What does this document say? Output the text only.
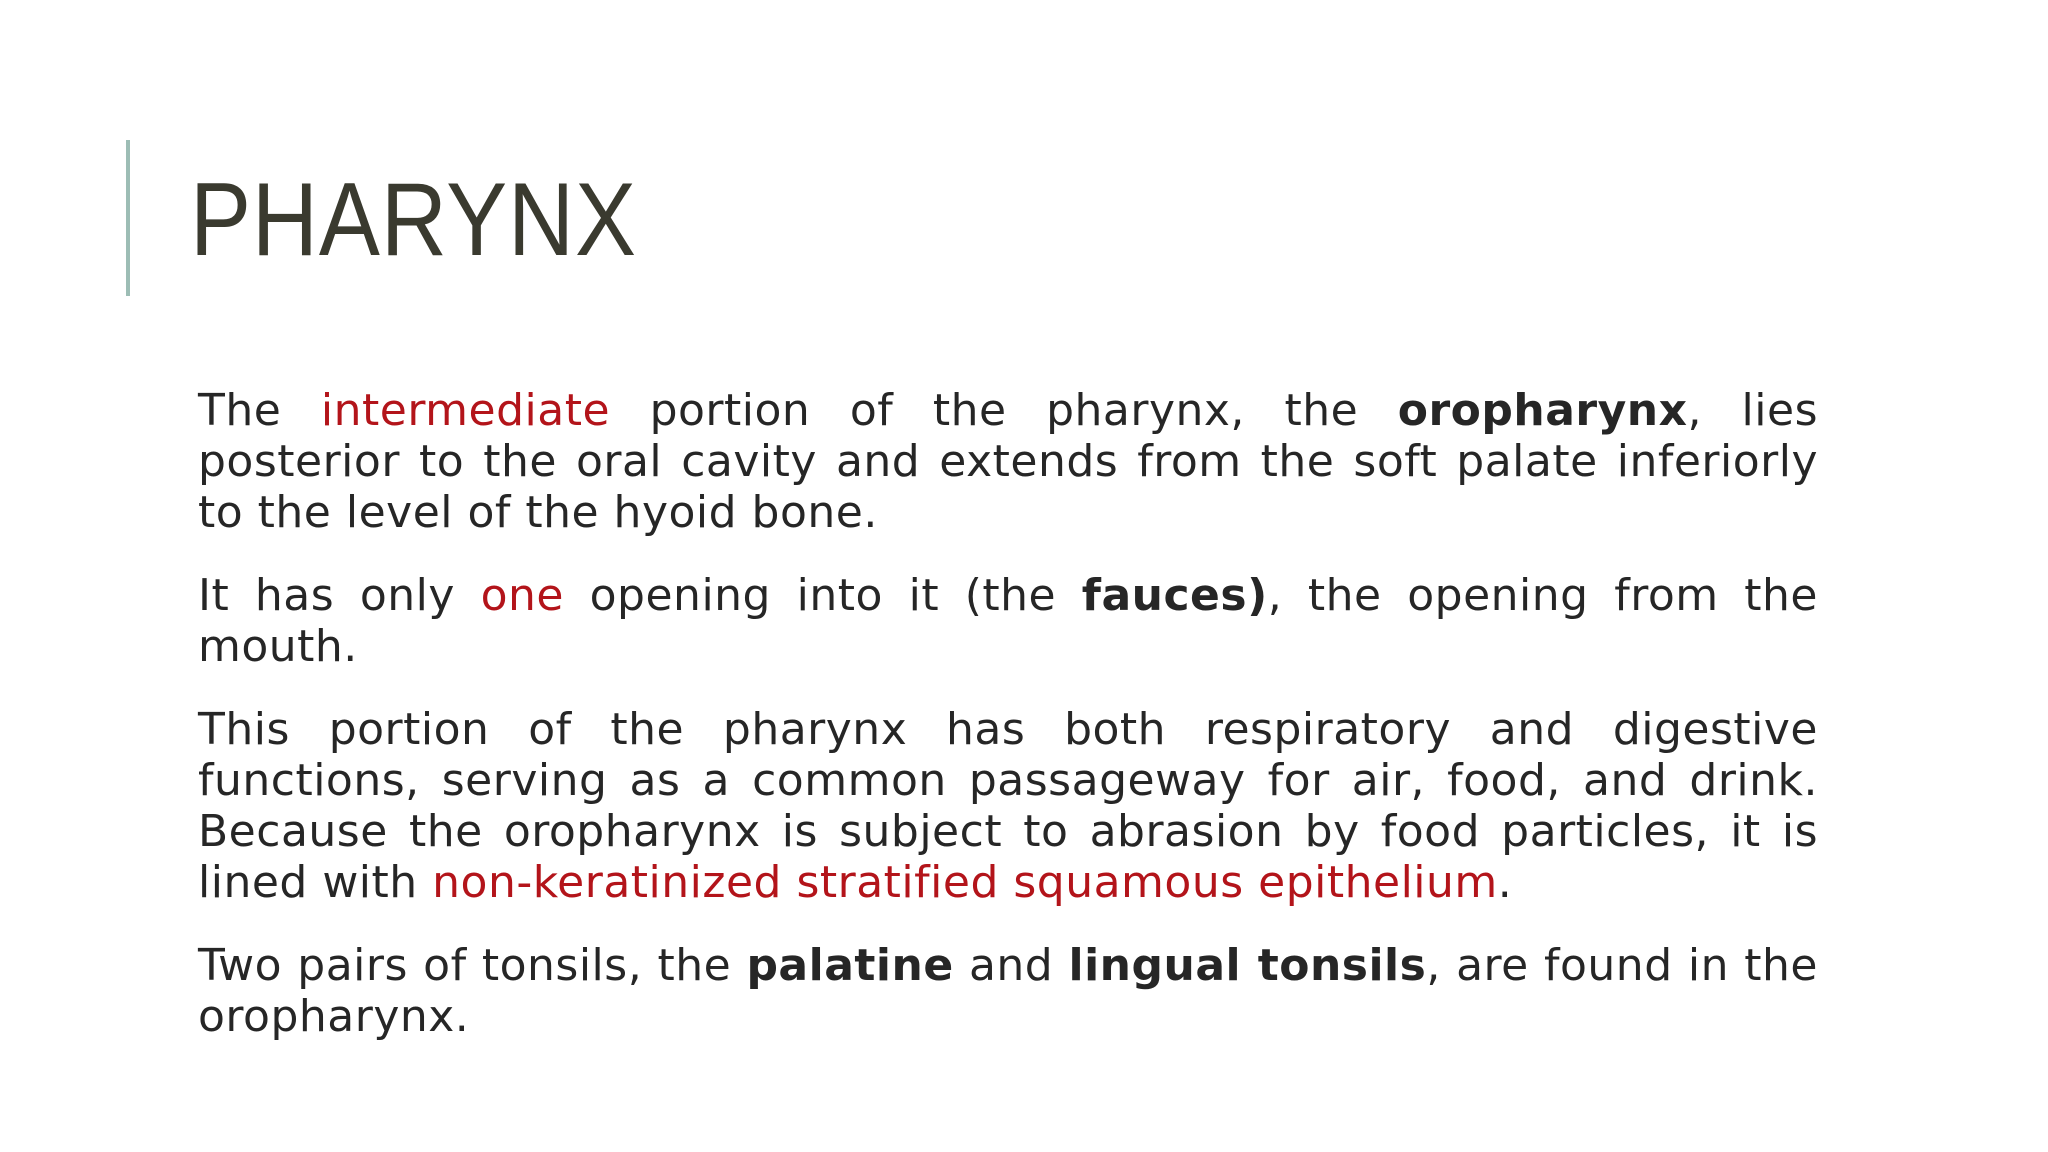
PHARYNX

The intermediate portion of the pharynx, the oropharynx, lies posterior to the oral cavity and extends from the soft palate inferiorly to the level of the hyoid bone.

It has only one opening into it (the fauces), the opening from the mouth.

This portion of the pharynx has both respiratory and digestive functions, serving as a common passageway for air, food, and drink. Because the oropharynx is subject to abrasion by food particles, it is lined with non-keratinized stratified squamous epithelium.

Two pairs of tonsils, the palatine and lingual tonsils, are found in the oropharynx.
